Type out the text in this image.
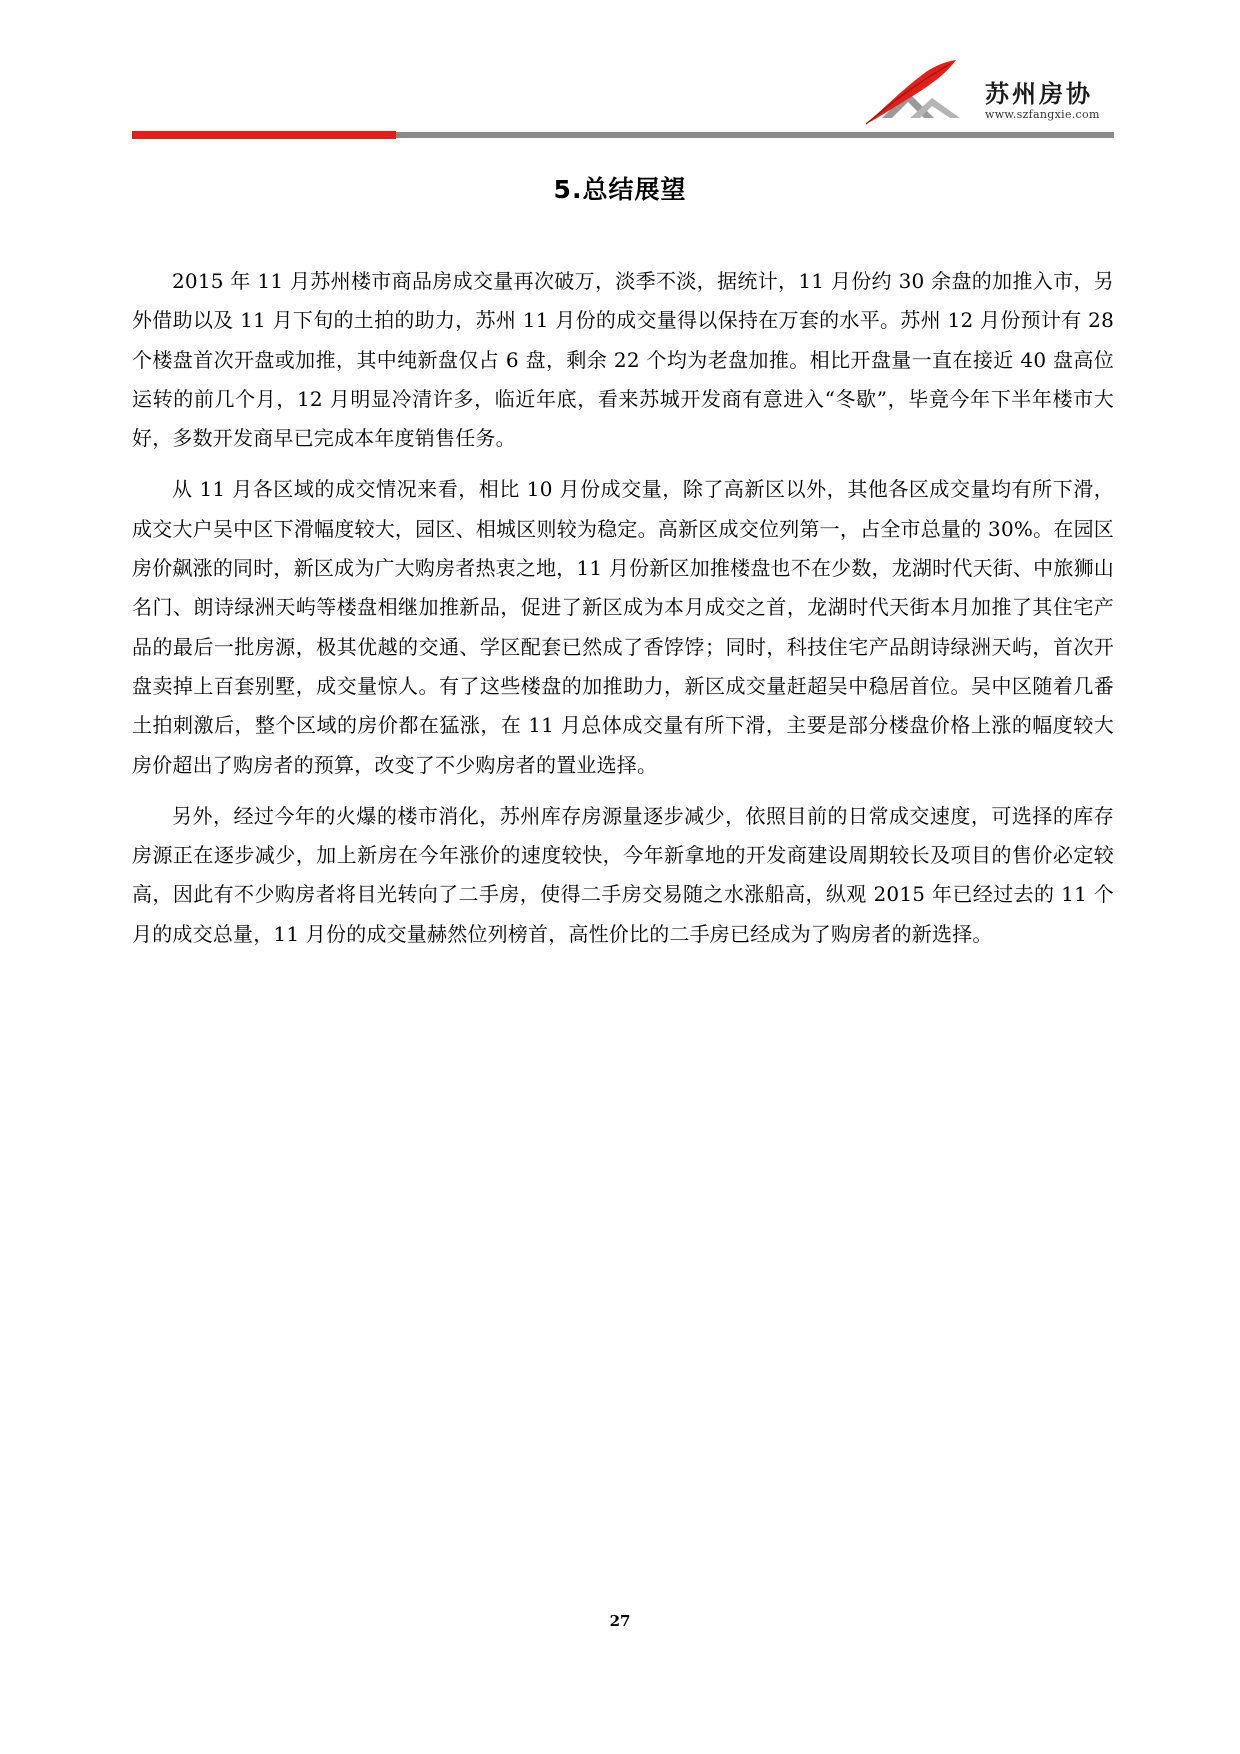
苏州房协
www.szfangxie.com
5.总结展望

2015 年 11 月苏州楼市商品房成交量再次破万，淡季不淡，据统计，11 月份约 30 余盘的加推入市，另外借助以及 11 月下旬的土拍的助力，苏州 11 月份的成交量得以保持在万套的水平。苏州 12 月份预计有 28 个楼盘首次开盘或加推，其中纯新盘仅占 6 盘，剩余 22 个均为老盘加推。相比开盘量一直在接近 40 盘高位运转的前几个月，12 月明显冷清许多，临近年底，看来苏城开发商有意进入“冬歇”，毕竟今年下半年楼市大好，多数开发商早已完成本年度销售任务。

从 11 月各区域的成交情况来看，相比 10 月份成交量，除了高新区以外，其他各区成交量均有所下滑，成交大户吴中区下滑幅度较大，园区、相城区则较为稳定。高新区成交位列第一，占全市总量的 30%。在园区房价飙涨的同时，新区成为广大购房者热衷之地，11 月份新区加推楼盘也不在少数，龙湖时代天街、中旅狮山名门、朗诗绿洲天屿等楼盘相继加推新品，促进了新区成为本月成交之首，龙湖时代天街本月加推了其住宅产品的最后一批房源，极其优越的交通、学区配套已然成了香饽饽；同时，科技住宅产品朗诗绿洲天屿，首次开盘卖掉上百套别墅，成交量惊人。有了这些楼盘的加推助力，新区成交量赶超吴中稳居首位。吴中区随着几番土拍刺激后，整个区域的房价都在猛涨，在 11 月总体成交量有所下滑，主要是部分楼盘价格上涨的幅度较大房价超出了购房者的预算，改变了不少购房者的置业选择。

另外，经过今年的火爆的楼市消化，苏州库存房源量逐步减少，依照目前的日常成交速度，可选择的库存房源正在逐步减少，加上新房在今年涨价的速度较快，今年新拿地的开发商建设周期较长及项目的售价必定较高，因此有不少购房者将目光转向了二手房，使得二手房交易随之水涨船高，纵观 2015 年已经过去的 11 个月的成交总量，11 月份的成交量赫然位列榜首，高性价比的二手房已经成为了购房者的新选择。

27
